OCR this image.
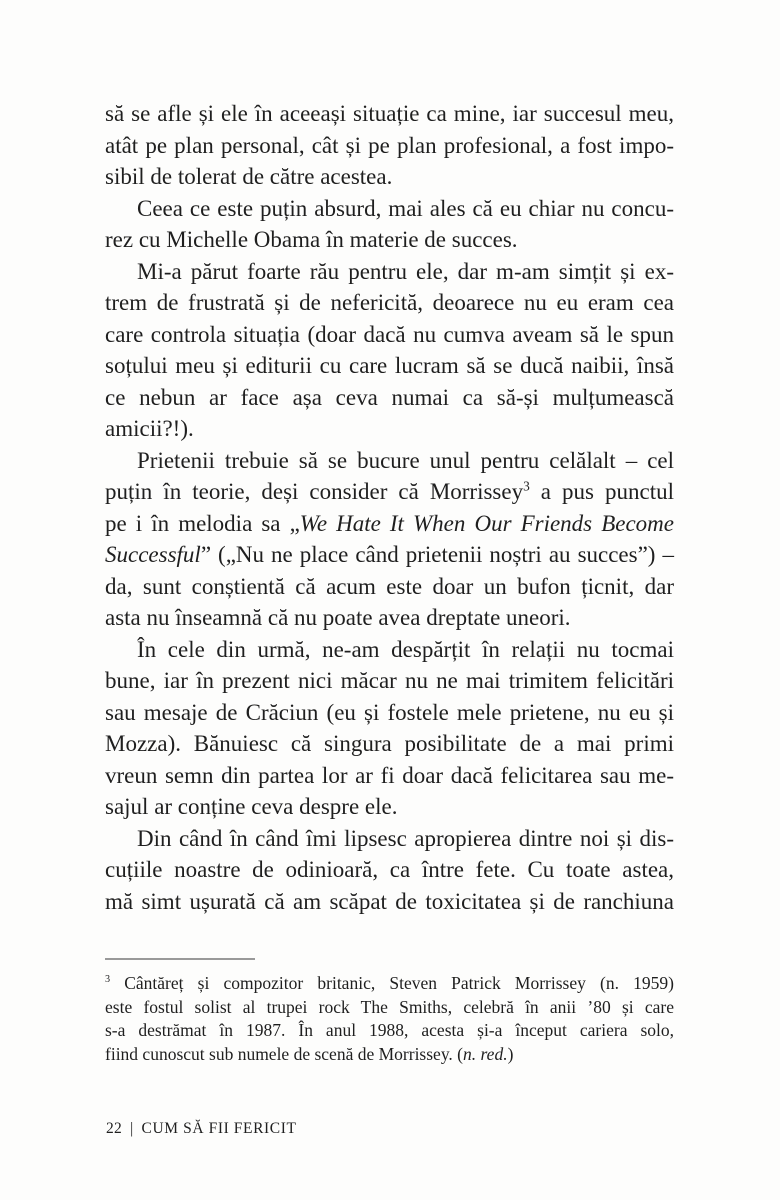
să se afle și ele în aceeași situație ca mine, iar succesul meu,
atât pe plan personal, cât și pe plan profesional, a fost impo-
sibil de tolerat de către acestea.
Ceea ce este puțin absurd, mai ales că eu chiar nu concu-
rez cu Michelle Obama în materie de succes.
Mi-a părut foarte rău pentru ele, dar m-am simțit și ex-
trem de frustrată și de nefericită, deoarece nu eu eram cea
care controla situația (doar dacă nu cumva aveam să le spun
soțului meu și editurii cu care lucram să se ducă naibii, însă
ce nebun ar face așa ceva numai ca să-și mulțumească
amicii?!).
Prietenii trebuie să se bucure unul pentru celălalt – cel
puțin în teorie, deși consider că Morrissey$^3$ a pus punctul
pe i în melodia sa „We Hate It When Our Friends Become
Successful” („Nu ne place când prietenii noștri au succes”) –
da, sunt conștientă că acum este doar un bufon țicnit, dar
asta nu înseamnă că nu poate avea dreptate uneori.
În cele din urmă, ne-am despărțit în relații nu tocmai
bune, iar în prezent nici măcar nu ne mai trimitem felicitări
sau mesaje de Crăciun (eu și fostele mele prietene, nu eu și
Mozza). Bănuiesc că singura posibilitate de a mai primi
vreun semn din partea lor ar fi doar dacă felicitarea sau me-
sajul ar conține ceva despre ele.
Din când în când îmi lipsesc apropierea dintre noi și dis-
cuțiile noastre de odinioară, ca între fete. Cu toate astea,
mă simt ușurată că am scăpat de toxicitatea și de ranchiuna
$^3$ Cântăreț și compozitor britanic, Steven Patrick Morrissey (n. 1959)
este fostul solist al trupei rock The Smiths, celebră în anii ’80 și care
s-a destrămat în 1987. În anul 1988, acesta și-a început cariera solo,
fiind cunoscut sub numele de scenă de Morrissey. (n. red.)
22 | CUM SĂ FII FERICIT
